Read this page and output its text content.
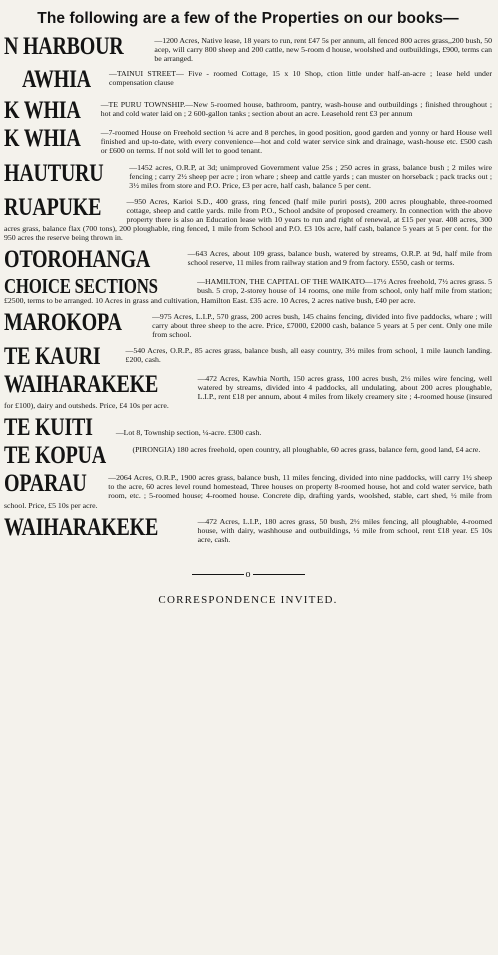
The following are a few of the Properties on our books—
N HARBOUR	—1200 Acres, Native lease, 18 years to run, rent £47 5s per annum, all fenced 800 acres grass,,200 bush, 50 acep, will carry 800 sheep and 200 cattle, new 5-room d house, woolshed and outbuildings, £900, terms can be arranged.
AWHIA —TAINUI STREET— Five - roomed Cottage, 15 x 10 Shop, ction little under half-an-acre ; lease held under compensation clause
K WHIA	—TE PURU TOWNSHIP.—New 5-roomed house, bathroom, pantry, wash-house and outbuildings ; finished throughout ; hot and cold water laid on ; 2 600-gallon tanks ; section about an acre. Leasehold rent £3 per annum
K WHIA	—7-roomed House on Freehold section ¼ acre and 8 perches, in good position, good garden and yonny or hard House well finished and up-to-date, with every convenience—hot and cold water service sink and drainage, wash-house etc. £500 cash or £600 on terms. If not sold will let to good tenant.
HAUTURU	—1452 acres, O.R.P, at 3d; unimproved Government value 25s ; 250 acres in grass, balance bush ; 2 miles wire fencing ; carry 2½ sheep per acre ; iron whare ; sheep and cattle yards ; can muster on horseback ; pack tracks out ; 3½ miles from store and P.O. Price, £3 per acre, half cash, balance 5 per cent.
RUAPUKE	—950 Acres, Karioi S.D., 400 grass, ring fenced (half mile puriri posts), 200 acres ploughable, three-roomed cottage, sheep and cattle yards. mile from P.O., School andsite of proposed creamery. In connection with the above property there is also an Education lease with 10 years to run and right of renewal, at £15 per year. 408 acres, 300 acres grass, balance flax (700 tons), 200 ploughable, ring fenced, 1 mile from School and P.O. £3 10s acre, half cash, balance 5 years at 5 per cent. for the 950 acres the reserve being thrown in.
OTOROHANGA	—643 Acres, about 109 grass, balance bush, watered by streams, O.R.P. at 9d, half mile from school reserve, 11 miles from railway station and 9 from factory. £550, cash or terms.
CHOICE SECTIONS	—HAMILTON, THE CAPITAL OF THE WAIKATO—17½ Acres freehold, 7½ acres grass. 5 bush. 5 crop, 2-storey house of 14 rooms, one mile from school, only half mile from station; £2500, terms to be arranged. 10 Acres in grass and cultivation, Hamilton East. £35 acre. 10 Acres, 2 acres native bush, £40 per acre.
MAROKOPA	—975 Acres, L.I.P., 570 grass, 200 acres bush, 145 chains fencing, divided into five paddocks, whare ; will carry about three sheep to the acre. Price, £7000, £2000 cash, balance 5 years at 5 per cent. Only one mile from school.
TE KAURI	—540 Acres, O.R.P., 85 acres grass, balance bush, all easy country, 3½ miles from school, 1 mile launch landing. £200, cash.
WAIHARAKEKE	—472 Acres, Kawhia North, 150 acres grass, 100 acres bush, 2½ miles wire fencing, well watered by streams, divided into 4 paddocks, all undulating, about 200 acres ploughable, L.I.P., rent £18 per annum, about 4 miles from likely creamery site ; 4-roomed house (insured for £100), dairy and outsheds. Price, £4 10s per acre.
TE KUITI	—Lot 8, Township section, ¼-acre. £300 cash.
TE KOPUA	(PIRONGIA) 180 acres freehold, open country, all ploughable, 60 acres grass, balance fern, good land, £4 acre.
OPARAU	—2064 Acres, O.R.P., 1900 acres grass, balance bush, 11 miles fencing, divided into nine paddocks, will carry 1½ sheep to the acre, 60 acres level round homestead, Three houses on property 8-roomed house, hot and cold water service, bath room, etc. ; 5-roomed house; 4-roomed house. Concrete dip, drafting yards, woolshed, stable, cart shed, ½ mile from school. Price, £5 10s per acre.
WAIHARAKEKE	—472 Acres, L.I.P., 180 acres grass, 50 bush, 2½ miles fencing, all ploughable, 4-roomed house, with dairy, washhouse and outbuildings, ½ mile from school, rent £18 year. £5 10s acre, cash.
o
CORRESPONDENCE INVITED.
